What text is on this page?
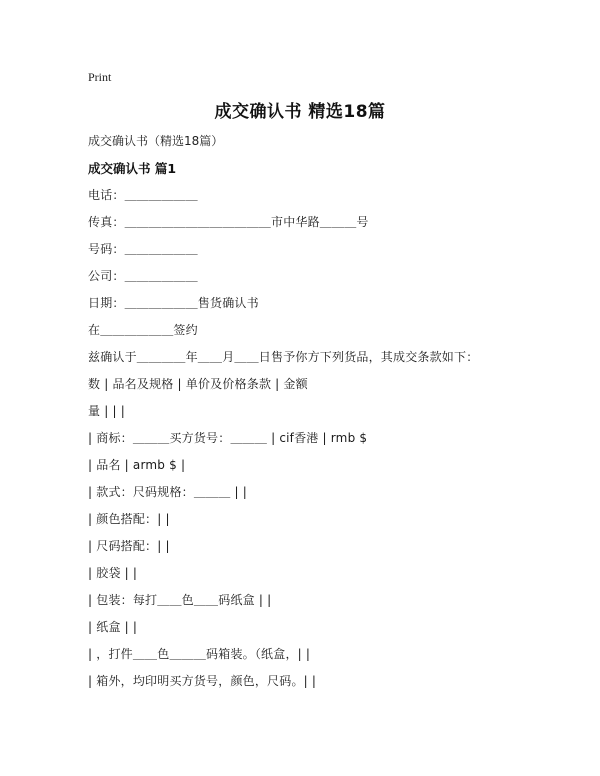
Print
成交确认书 精选18篇
成交确认书（精选18篇）
成交确认书 篇1
电话：＿＿＿＿＿＿
传真：＿＿＿＿＿＿＿＿＿＿＿＿市中华路＿＿＿号
号码：＿＿＿＿＿＿
公司：＿＿＿＿＿＿
日期：＿＿＿＿＿＿售货确认书
在＿＿＿＿＿＿签约
兹确认于＿＿＿＿年＿＿月＿＿日售予你方下列货品，其成交条款如下：
数 | 品名及规格 | 单价及价格条款 | 金额
量 | | |
| 商标：＿＿＿买方货号：＿＿＿ | cif香港 | rmb $
| 品名 | armb $ |
| 款式：尺码规格：＿＿＿ | |
| 颜色搭配：| |
| 尺码搭配：| |
| 胶袋 | |
| 包装：每打＿＿色＿＿码纸盒 | |
| 纸盒 | |
| ，打件＿＿色＿＿＿码箱装。（纸盒，| |
| 箱外，均印明买方货号，颜色，尺码。| |
